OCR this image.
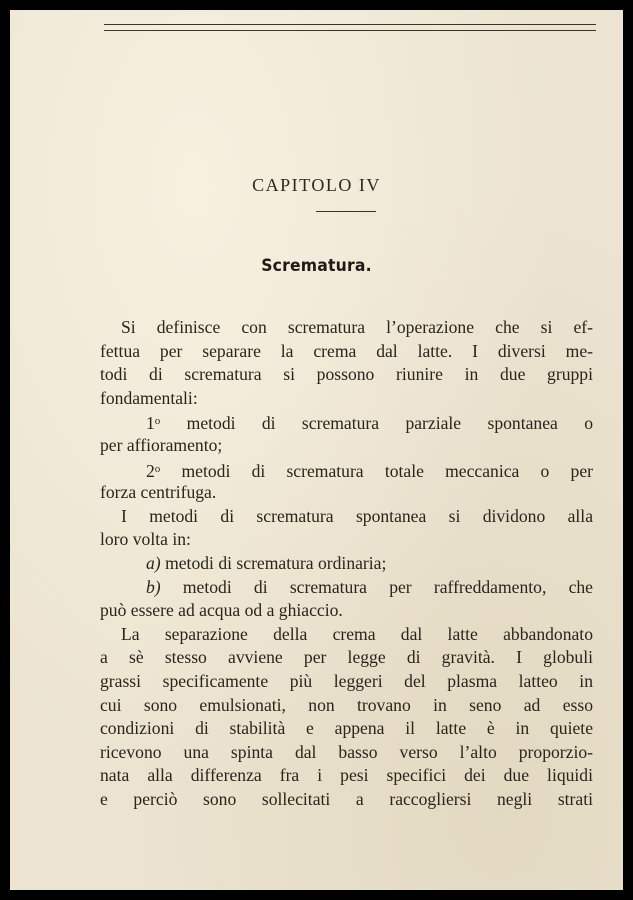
CAPITOLO IV
Scrematura.
Si definisce con scrematura l’operazione che si ef-
fettua per separare la crema dal latte. I diversi me-
todi di scrematura si possono riunire in due gruppi
fondamentali:
1$^o$ metodi di scrematura parziale spontanea o
per affioramento;
2$^o$ metodi di scrematura totale meccanica o per
forza centrifuga.
I metodi di scrematura spontanea si dividono alla
loro volta in:
a) metodi di scrematura ordinaria;
b) metodi di scrematura per raffreddamento, che
può essere ad acqua od a ghiaccio.
La separazione della crema dal latte abbandonato
a sè stesso avviene per legge di gravità. I globuli
grassi specificamente più leggeri del plasma latteo in
cui sono emulsionati, non trovano in seno ad esso
condizioni di stabilità e appena il latte è in quiete
ricevono una spinta dal basso verso l’alto proporzio-
nata alla differenza fra i pesi specifici dei due liquidi
e perciò sono sollecitati a raccogliersi negli strati
